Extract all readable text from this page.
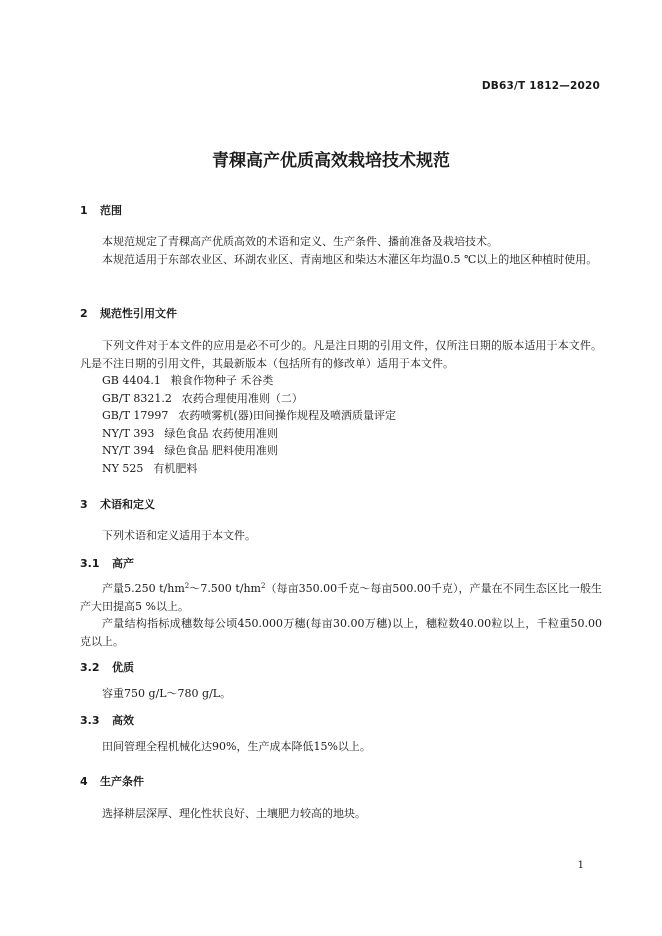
DB63/T 1812—2020
青稞高产优质高效栽培技术规范
1 范围
本规范规定了青稞高产优质高效的术语和定义、生产条件、播前准备及栽培技术。
本规范适用于东部农业区、环湖农业区、青南地区和柴达木灌区年均温0.5 ℃以上的地区种植时使用。
2 规范性引用文件
下列文件对于本文件的应用是必不可少的。凡是注日期的引用文件，仅所注日期的版本适用于本文件。凡是不注日期的引用文件，其最新版本（包括所有的修改单）适用于本文件。
GB 4404.1 粮食作物种子 禾谷类
GB/T 8321.2 农药合理使用准则（二）
GB/T 17997 农药喷雾机(器)田间操作规程及喷洒质量评定
NY/T 393 绿色食品 农药使用准则
NY/T 394 绿色食品 肥料使用准则
NY 525 有机肥料
3 术语和定义
下列术语和定义适用于本文件。
3.1 高产
产量5.250 $t/hm^2\sim 7.500$ $t/hm^2$（每亩350.00千克～每亩500.00千克），产量在不同生态区比一般生产大田提高5 %以上。
产量结构指标成穗数每公顷450.000万穗(每亩30.00万穗)以上，穗粒数40.00粒以上，千粒重50.00克以上。
3.2 优质
容重750 g/L～780 g/L。
3.3 高效
田间管理全程机械化达90%，生产成本降低15%以上。
4 生产条件
选择耕层深厚、理化性状良好、土壤肥力较高的地块。
1
